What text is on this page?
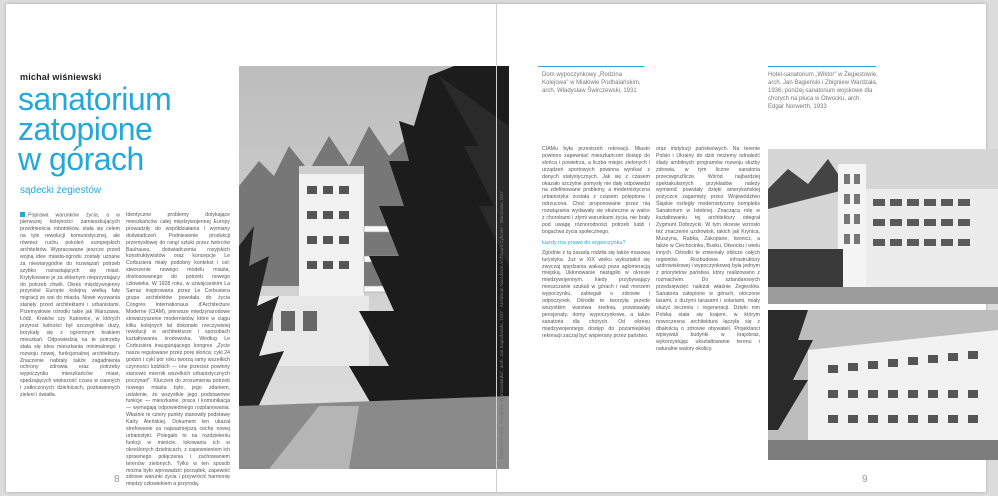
michał wiśniewski
sanatorium
zatopione
w górach
sądecki żegiestów
Poprawa warunków życia, a w pierwszej kolejności zamieszkujących przedmieścia robotników, stała się celem na tyle rewolucji komunistycznej, ale również ruchu pokoleń europejskich architektów. Wypracowane jeszcze przed wojną idee miasta-ogrodu zostały uznane za niewiarygodne do rozwiązań potrzeb szybko rozrastających się miast. Krytykowano je za elitarnym nieprzystający do potrzeb chwili. Okres międzywojenny przyniósł Europie kolejną wielką falę migracji ze wsi do miasta. Nowe wyzwania stanęły przed architektami i urbanistami. Przemysłowe ośrodki takie jak Warszawa, Łódź, Kraków czy Katowice, w których przyrost ludności był szczególnie duży, borykały się z ogromnym brakiem mieszkań. Odpowiedzią na te potrzeby stała się idea mieszkania minimalnego i rozwoju nowej, funkcjonalnej architektury. Znaczenie nabrały także zagadnienia ochrony zdrowia oraz potrzeby wypoczynku mieszkańców miast, spędzających większość czasu w ciasnych i zatłoczonych dzielnicach, pozbawionych zieleni i światła.
Identyczne problemy dotykające mieszkańców całej międzywojennej Europy prowadziły do współdziałania i wymiany doświadczeń. Podniesienie produkcji przemysłowej do rangi sztuki przez twórców Bauhausu, doświadczenia rosyjskich konstruktywistów oraz koncepcje Le Corbusiera miały podobny kontekst i cel: stworzenie nowego modelu miasta, dostosowanego do potrzeb nowego człowieka. W 1928 roku, w szwajcarskim La Sarraz inspirowana przez Le Corbusiera grupa architektów powołała do życia Congrès Internationaux d'Architecture Moderne (CIAM), pierwsze międzynarodowe stowarzyszenie modernistów, które w ciągu kilku kolejnych lat dokonało rzeczywistej rewolucji w architekturze i sposobach kształtowania środowiska. Według Le Corbusiera inaugurującego kongres „Życie nasze regulowane przez porę słońca; cykl 24 godzin i cykl pór roku tworzą ramy wszelkich czynności ludzkich — one przecież powinny stanowić miernik wszelkich urbanistycznych poczynań". Kluczem do zrozumienia potrzeb nowego miasta było, jego zdaniem, ustalenie, że wszystkie jego podstawowe funkcje — mieszkanie, praca i komunikacja — wymagają odpowiedniego rozplanowania. Właśnie te cztery punkty stanowiły podstawę Karty Ateńskiej. Dokument ten ukazał strefowanie za najważniejszą cechę nowej urbanistyki. Polegało to na rozdzieleniu funkcji w mieście, lokowaniu ich w określonych dzielnicach, z zapewnieniem ich sprawnego połączenia i zachowaniem terenów zielonych. Tylko w ten sposób można było wprowadzić porządek, zapewnić zdrowe warunki życia i przywrócić harmonię między człowiekiem a przyrodą.
8
Żegiestów-Zdrój. Pensjonat „Warszawianka", arch. Jan Bogusławski, 1937 · Archiwum Narodowe Archiwum Cyfrowe · Warszawa 1937
Dom wypoczynkowy „Rodzina Kolejowa" w Miałowie Podhalańskim, arch. Władysław Świrczewski, 1931
Hotel-sanatorium „Wiktor" w Żegiestowie, arch. Jan Bagieński i Zbigniew Wardzała, 1936; poniżej sanatorium wojskowe dla chorych na płuca w Otwocku, arch. Edgar Norwerth, 1933
CIAMu była przestrzeń rekreacji. Miasto powinno zapewniać mieszkańcom dostęp do słońca i powietrza, a liczba miejsc zielonych i urządzeń sportowych powinna wynikać z danych statystycznych. Jak się z czasem okazało szczytne pomysły nie dały odpowiedzi na zdefiniowane problemy, a modernistyczna urbanistyka została z czasem potępiona i odrzucona. Choć proponowane przez nią rozwiązania wydawały się skuteczne w walce z chorobami i złymi warunkami życia, nie brały pod uwagę różnorodności potrzeb ludzi i bogactwa życia społecznego.
każdy ma prawo do wypoczynku?
Zgodnie z tą zasadą rodziła się także masowa turystyka. Już w XIX wieku wykształcił się zwyczaj spędzania wakacji poza aglomeracją miejską. Ukłonowanie nastąpiło w okresie międzywojennym, kiedy przybywający mieszczanie szukali w górach i nad morzem wypoczynku, zabiegali o zdrowie i odpoczynek. Ośrodki te tworzyła przede wszystkim warstwa średnia, powstawały pensjonaty, domy wypoczynkowe, a także sanatoria dla chorych. Od okresu międzywojennego dostęp do pozamiejskiej rekreacji zaczął być wspierany przez państwo.
oraz instytucji państwowych. Na terenie Polski i Ukrainy do dziś możemy odnaleźć ślady ambitnych programów rozwoju służby zdrowia, w tym liczne sanatoria przeciwgruźlicze. Wśród najbardziej spektakularnych przykładów należy wymienić powstały dzięki amerykańskiej pożyczce zagarnięty przez Województwo Śląskie rozległy modernistyczny kompleks Sanatorium w Istebnej. Znaczącą rolę w kształtowaniu tej architektury odegrał Zygmunt Dobrzycki. W tym okresie wzrosło też znaczenie uzdrowisk, takich jak Krynica, Muszyna, Rabka, Zakopane, Iwonicz, a także w Ciechocinku, Busku, Otwocku i wielu innych. Ośrodki te zmieniały oblicze całych regionów. Rozbudowa infrastruktury uzdrowiskowej i wypoczynkowej była jednym z priorytetów państwa, który realizowano z rozmachem. Do sztandarowych przedsięwzięć należał właśnie Żegiestów. Sanatoria zatopione w górach, otoczone lasami, z dużymi tarasami i solariami, miały służyć leczeniu i regeneracji. Dzięki nim Polska stała się krajem, w którym nowoczesna architektura łączyła się z dbałością o zdrowie obywateli. Projektanci wpisywali budynki w krajobraz, wykorzystując ukształtowanie terenu i naturalne walory okolicy.
9
